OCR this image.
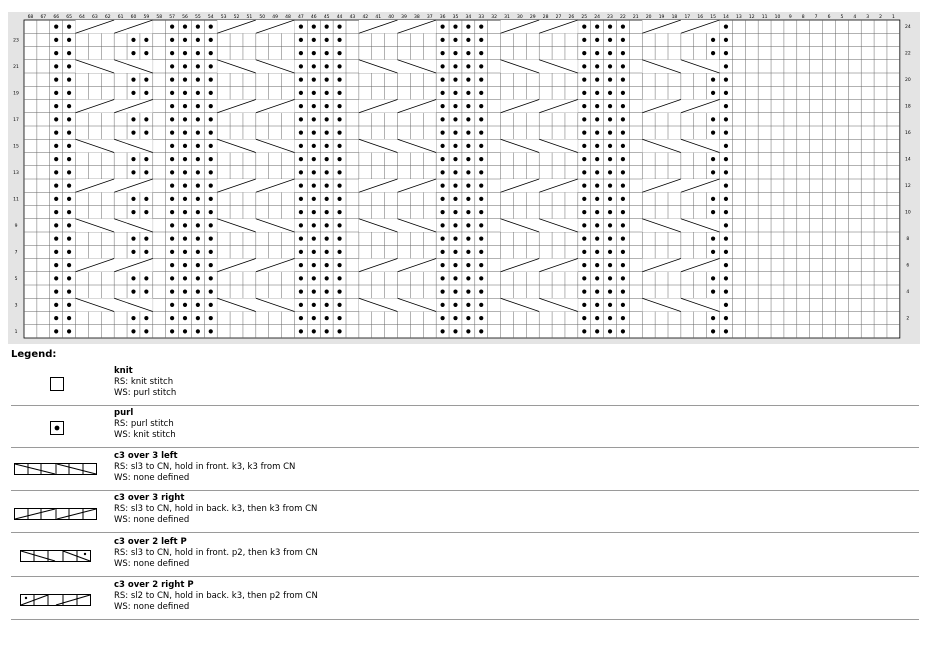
68 67 66 65 64 63 62 61 60 59 58 57 56 55 54 53 52 51 50 49 48 47 46 45 44 43 42 41 40 39 38 37 36 35 34 33 32 31 30 29 28 27 26 25 24 23 22 21 20 19 18 17 16 15 14 13 12 11 10 9 8 7 6 5 4 3 2 1
23
21
19
17
15
13
11
9
7
5
3
1
24
22
20
18
16
14
12
10
8
6
4
2
Legend:
knit
RS: knit stitch
WS: purl stitch
purl
RS: purl stitch
WS: knit stitch
c3 over 3 left
RS: sl3 to CN, hold in front. k3, k3 from CN
WS: none defined
c3 over 3 right
RS: sl3 to CN, hold in back. k3, then k3 from CN
WS: none defined
c3 over 2 left P
RS: sl3 to CN, hold in front. p2, then k3 from CN
WS: none defined
c3 over 2 right P
RS: sl2 to CN, hold in back. k3, then p2 from CN
WS: none defined
